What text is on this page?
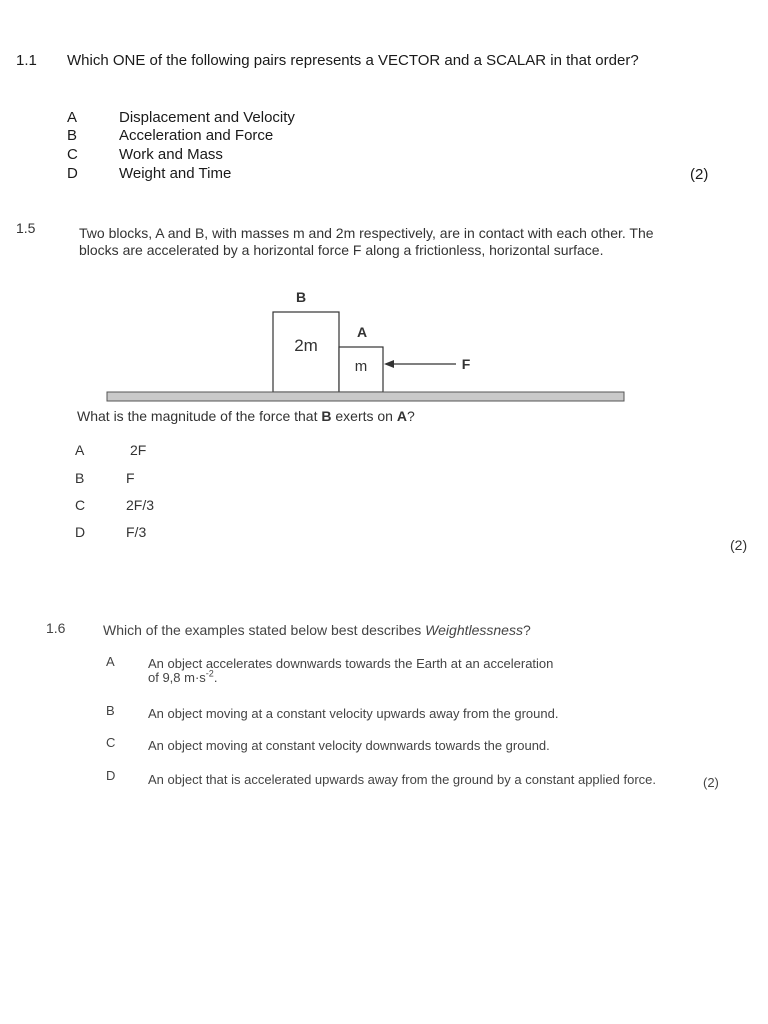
1.1 Which ONE of the following pairs represents a VECTOR and a SCALAR in that order?
A	Displacement and Velocity
B	Acceleration and Force
C	Work and Mass
D	Weight and Time	(2)
1.5	Two blocks, A and B, with masses m and 2m respectively, are in contact with each other. The blocks are accelerated by a horizontal force F along a frictionless, horizontal surface.
B
2m
A
m	F
What is the magnitude of the force that B exerts on A?
A	2F
B	F
C	2F/3
D	F/3
(2)
1.6	Which of the examples stated below best describes Weightlessness?
A	An object accelerates downwards towards the Earth at an acceleration
of 9,8 $m\cdot s^{-2}$.
B	An object moving at a constant velocity upwards away from the ground.
C	An object moving at constant velocity downwards towards the ground.
D	An object that is accelerated upwards away from the ground by a constant applied force.	(2)
